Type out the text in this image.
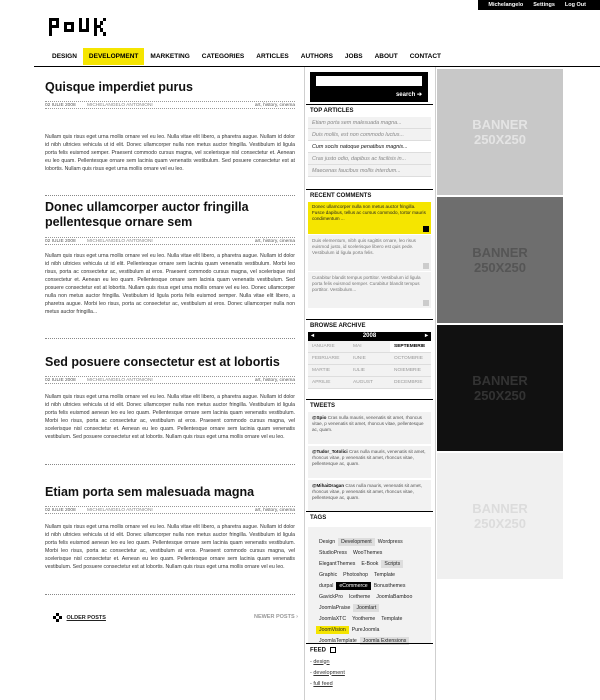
Michelangelo Settings Log Out
DESIGN	DEVELOPMENT	MARKETING	CATEGORIES	ARTICLES	AUTHORS	JOBS	ABOUT	CONTACT
Quisque imperdiet purus
02 IULIE 2008 MICHELANGELO ANTONIONI	art, history, cinema
Nullam quis risus eget urna mollis ornare vel eu leo. Nulla vitae elit libero, a pharetra augue. Nullam id dolor id nibh ultricies vehicula ut id elit. Donec ullamcorper nulla non metus auctor fringilla. Vestibulum id ligula porta felis euismod semper. Praesent commodo cursus magna, vel scelerisque nisl consectetur et. Aenean eu leo quam. Pellentesque ornare sem lacinia quam venenatis vestibulum. Sed posuere consectetur est at lobortis. Nullam quis risus eget urna mollis ornare vel eu leo.
Donec ullamcorper auctor fringilla pellentesque ornare sem
02 IULIE 2008 MICHELANGELO ANTONIONI	art, history, cinema
Nullam quis risus eget urna mollis ornare vel eu leo. Nulla vitae elit libero, a pharetra augue. Nullam id dolor id nibh ultricies vehicula ut id elit. Pellentesque ornare sem lacinia quam venenatis vestibulum. Morbi leo risus, porta ac consectetur ac, vestibulum at eros. Praesent commodo cursus magna, vel scelerisque nisl consectetur et. Aenean eu leo quam. Pellentesque ornare sem lacinia quam venenatis vestibulum. Sed posuere consectetur est at lobortis. Nullam quis risus eget urna mollis ornare vel eu leo. Donec ullamcorper nulla non metus auctor fringilla. Vestibulum id ligula porta felis euismod semper. Nulla vitae elit libero, a pharetra augue. Morbi leo risus, porta ac consectetur ac, vestibulum at eros. Donec ullamcorper nulla non metus auctor fringilla...
Sed posuere consectetur est at lobortis
02 IULIE 2008 MICHELANGELO ANTONIONI	art, history, cinema
Nullam quis risus eget urna mollis ornare vel eu leo. Nulla vitae elit libero, a pharetra augue. Nullam id dolor id nibh ultricies vehicula ut id elit. Donec ullamcorper nulla non metus auctor fringilla. Vestibulum id ligula porta felis euismod aenean leo eu leo quam. Pellentesque ornare sem lacinia quam venenatis vestibulum. Morbi leo risus, porta ac consectetur ac, vestibulum at eros. Praesent commodo cursus magna, vel scelerisque nisl consectetur et. Aenean eu leo quam. Pellentesque ornare sem lacinia quam venenatis vestibulum. Sed posuere consectetur est at lobortis. Nullam quis risus eget urna mollis ornare vel eu leo.
Etiam porta sem malesuada magna
02 IULIE 2008 MICHELANGELO ANTONIONI	art, history, cinema
Nullam quis risus eget urna mollis ornare vel eu leo. Nulla vitae elit libero, a pharetra augue. Nullam id dolor id nibh ultricies vehicula ut id elit. Donec ullamcorper nulla non metus auctor fringilla. Vestibulum id ligula porta felis euismod aenean leo eu leo quam. Pellentesque ornare sem lacinia quam venenatis vestibulum. Morbi leo risus, porta ac consectetur ac, vestibulum at eros. Praesent commodo cursus magna, vel scelerisque nisl consectetur et. Aenean eu leo quam. Pellentesque ornare sem lacinia quam venenatis vestibulum. Sed posuere consectetur est at lobortis. Nullam quis risus eget urna mollis ornare vel eu leo.
OLDER POSTS	NEWER POSTS ›
search ➔
TOP ARTICLES
Etiam porta sem malesuada magna...
Duis mollis, est non commodo luctus...
Cum sociis natoque penatibus magnis...
Cras justo odio, dapibus ac facilisis in...
Maecenas faucibus mollis interdum...
RECENT COMMENTS
Donec ullamcorper nulla non metus auctor fringilla. Fusce dapibus, tellus ac cursus commodo, tortor mauris condimentum ...
Duis elementum, nibh quis sagittis ornare, leo risus euismod justo, id scelerisque libero est quis pede. Vestibulum id ligula porta felis.
Curabitur blandit tempus porttitor. Vestibulum id ligula porta felis euismod semper. Curabitur blandit tempus porttitor. Vestibulum...
BROWSE ARCHIVE
◂	2008	▸
IANUARIE	MAI	SEPTEMBRIE
FEBRUARIE	IUNIE	OCTOMBRIE
MARTIE	IULIE	NOIEMBRIE
APRILIE	AUGUST	DECEMBRIE
TWEETS
@Spio Cras nulla mauris, venenatis sit amet, rhoncus vitae, p venenatis sit amet, rhoncus vitae, pellentesque ac, quam.
@Tudor_Totolici Cras nulla mauris, venenatis sit amet, rhoncus vitae, p venenatis sit amet, rhoncus vitae, pellentesque ac, quam.
@MihaiDragan Cras nulla mauris, venenatis sit amet, rhoncus vitae, p venenatis sit amet, rhoncus vitae, pellentesque ac, quam.
TAGS
Design Development Wordpress
StudioPress WooThemes
ElegantThemes E-Book Scripts
Graphic Photoshop Template
durpal eCommerce Bonusthemes
GavickPro Icetheme JoomlaBamboo
JoomlaPraise Joomlart
JoomlaXTC Yootheme Template
JoomVision PureJoomla
JoomlaTemplate Joomla Extensions
FEED
- design
- development
- full feed
BANNER
250X250
BANNER
250X250
BANNER
250X250
BANNER
250X250
